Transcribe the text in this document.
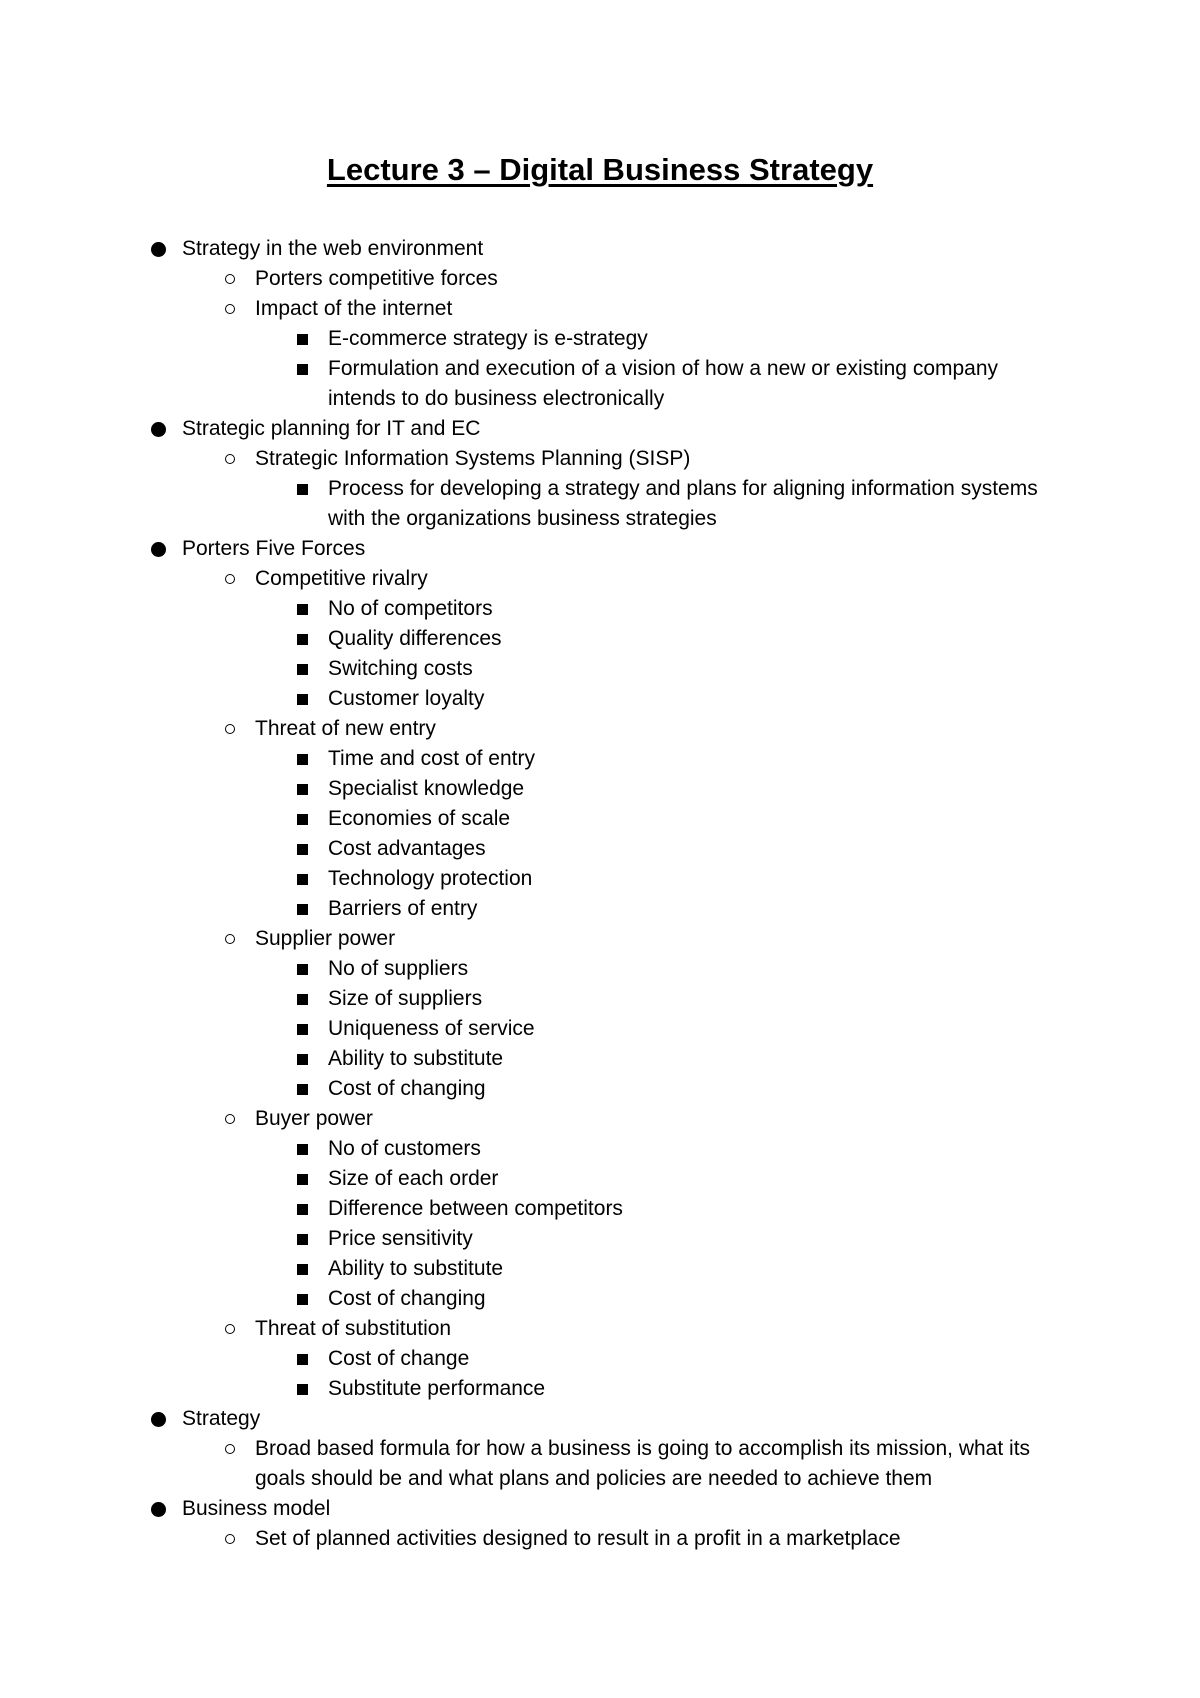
Lecture 3 – Digital Business Strategy
Strategy in the web environment
Porters competitive forces
Impact of the internet
E-commerce strategy is e-strategy
Formulation and execution of a vision of how a new or existing company intends to do business electronically
Strategic planning for IT and EC
Strategic Information Systems Planning (SISP)
Process for developing a strategy and plans for aligning information systems with the organizations business strategies
Porters Five Forces
Competitive rivalry
No of competitors
Quality differences
Switching costs
Customer loyalty
Threat of new entry
Time and cost of entry
Specialist knowledge
Economies of scale
Cost advantages
Technology protection
Barriers of entry
Supplier power
No of suppliers
Size of suppliers
Uniqueness of service
Ability to substitute
Cost of changing
Buyer power
No of customers
Size of each order
Difference between competitors
Price sensitivity
Ability to substitute
Cost of changing
Threat of substitution
Cost of change
Substitute performance
Strategy
Broad based formula for how a business is going to accomplish its mission, what its goals should be and what plans and policies are needed to achieve them
Business model
Set of planned activities designed to result in a profit in a marketplace
